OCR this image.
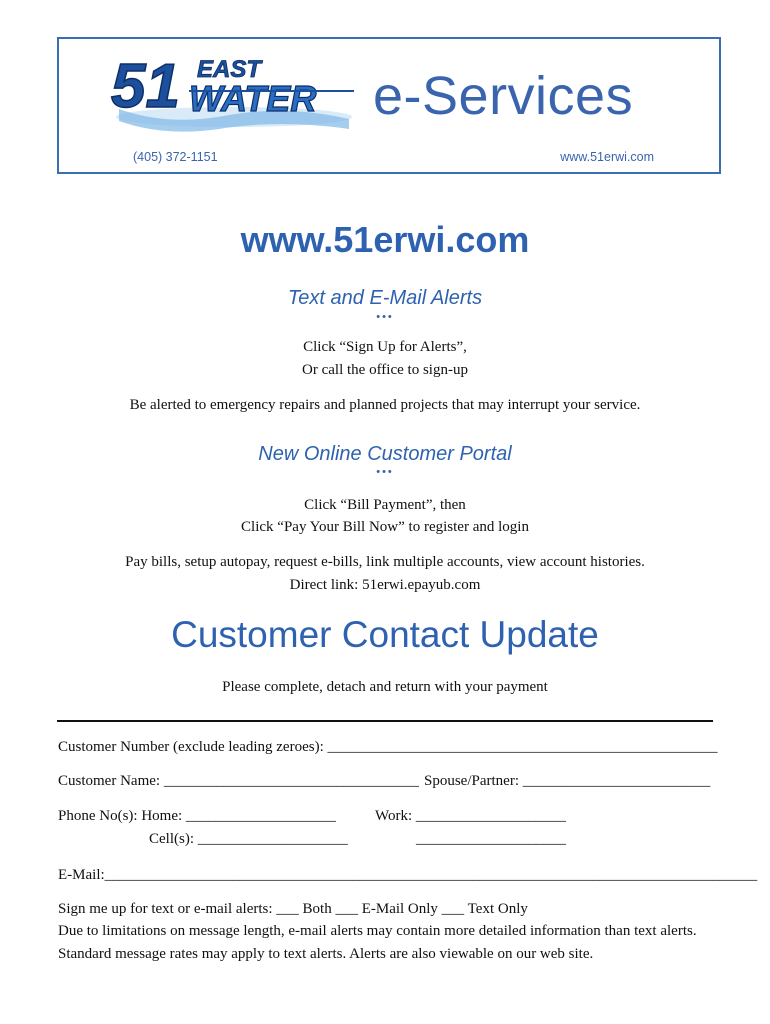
51 EAST
WATER e-Services
(405) 372-1151	www.51erwi.com
www.51erwi.com
Text and E-Mail Alerts
•••
Click “Sign Up for Alerts”,
Or call the office to sign-up
Be alerted to emergency repairs and planned projects that may interrupt your service.
New Online Customer Portal
•••
Click “Bill Payment”, then
Click “Pay Your Bill Now” to register and login
Pay bills, setup autopay, request e-bills, link multiple accounts, view account histories.
Direct link: 51erwi.epayub.com
Customer Contact Update
Please complete, detach and return with your payment
Customer Number (exclude leading zeroes): ____________________________________________________
Customer Name: __________________________________ Spouse/Partner: _________________________
Phone No(s): Home: ____________________	Work: ____________________
Cell(s): ____________________	____________________
E-Mail:_______________________________________________________________________________________
Sign me up for text or e-mail alerts: ___ Both ___ E-Mail Only ___ Text Only
Due to limitations on message length, e-mail alerts may contain more detailed information than text alerts.
Standard message rates may apply to text alerts. Alerts are also viewable on our web site.
